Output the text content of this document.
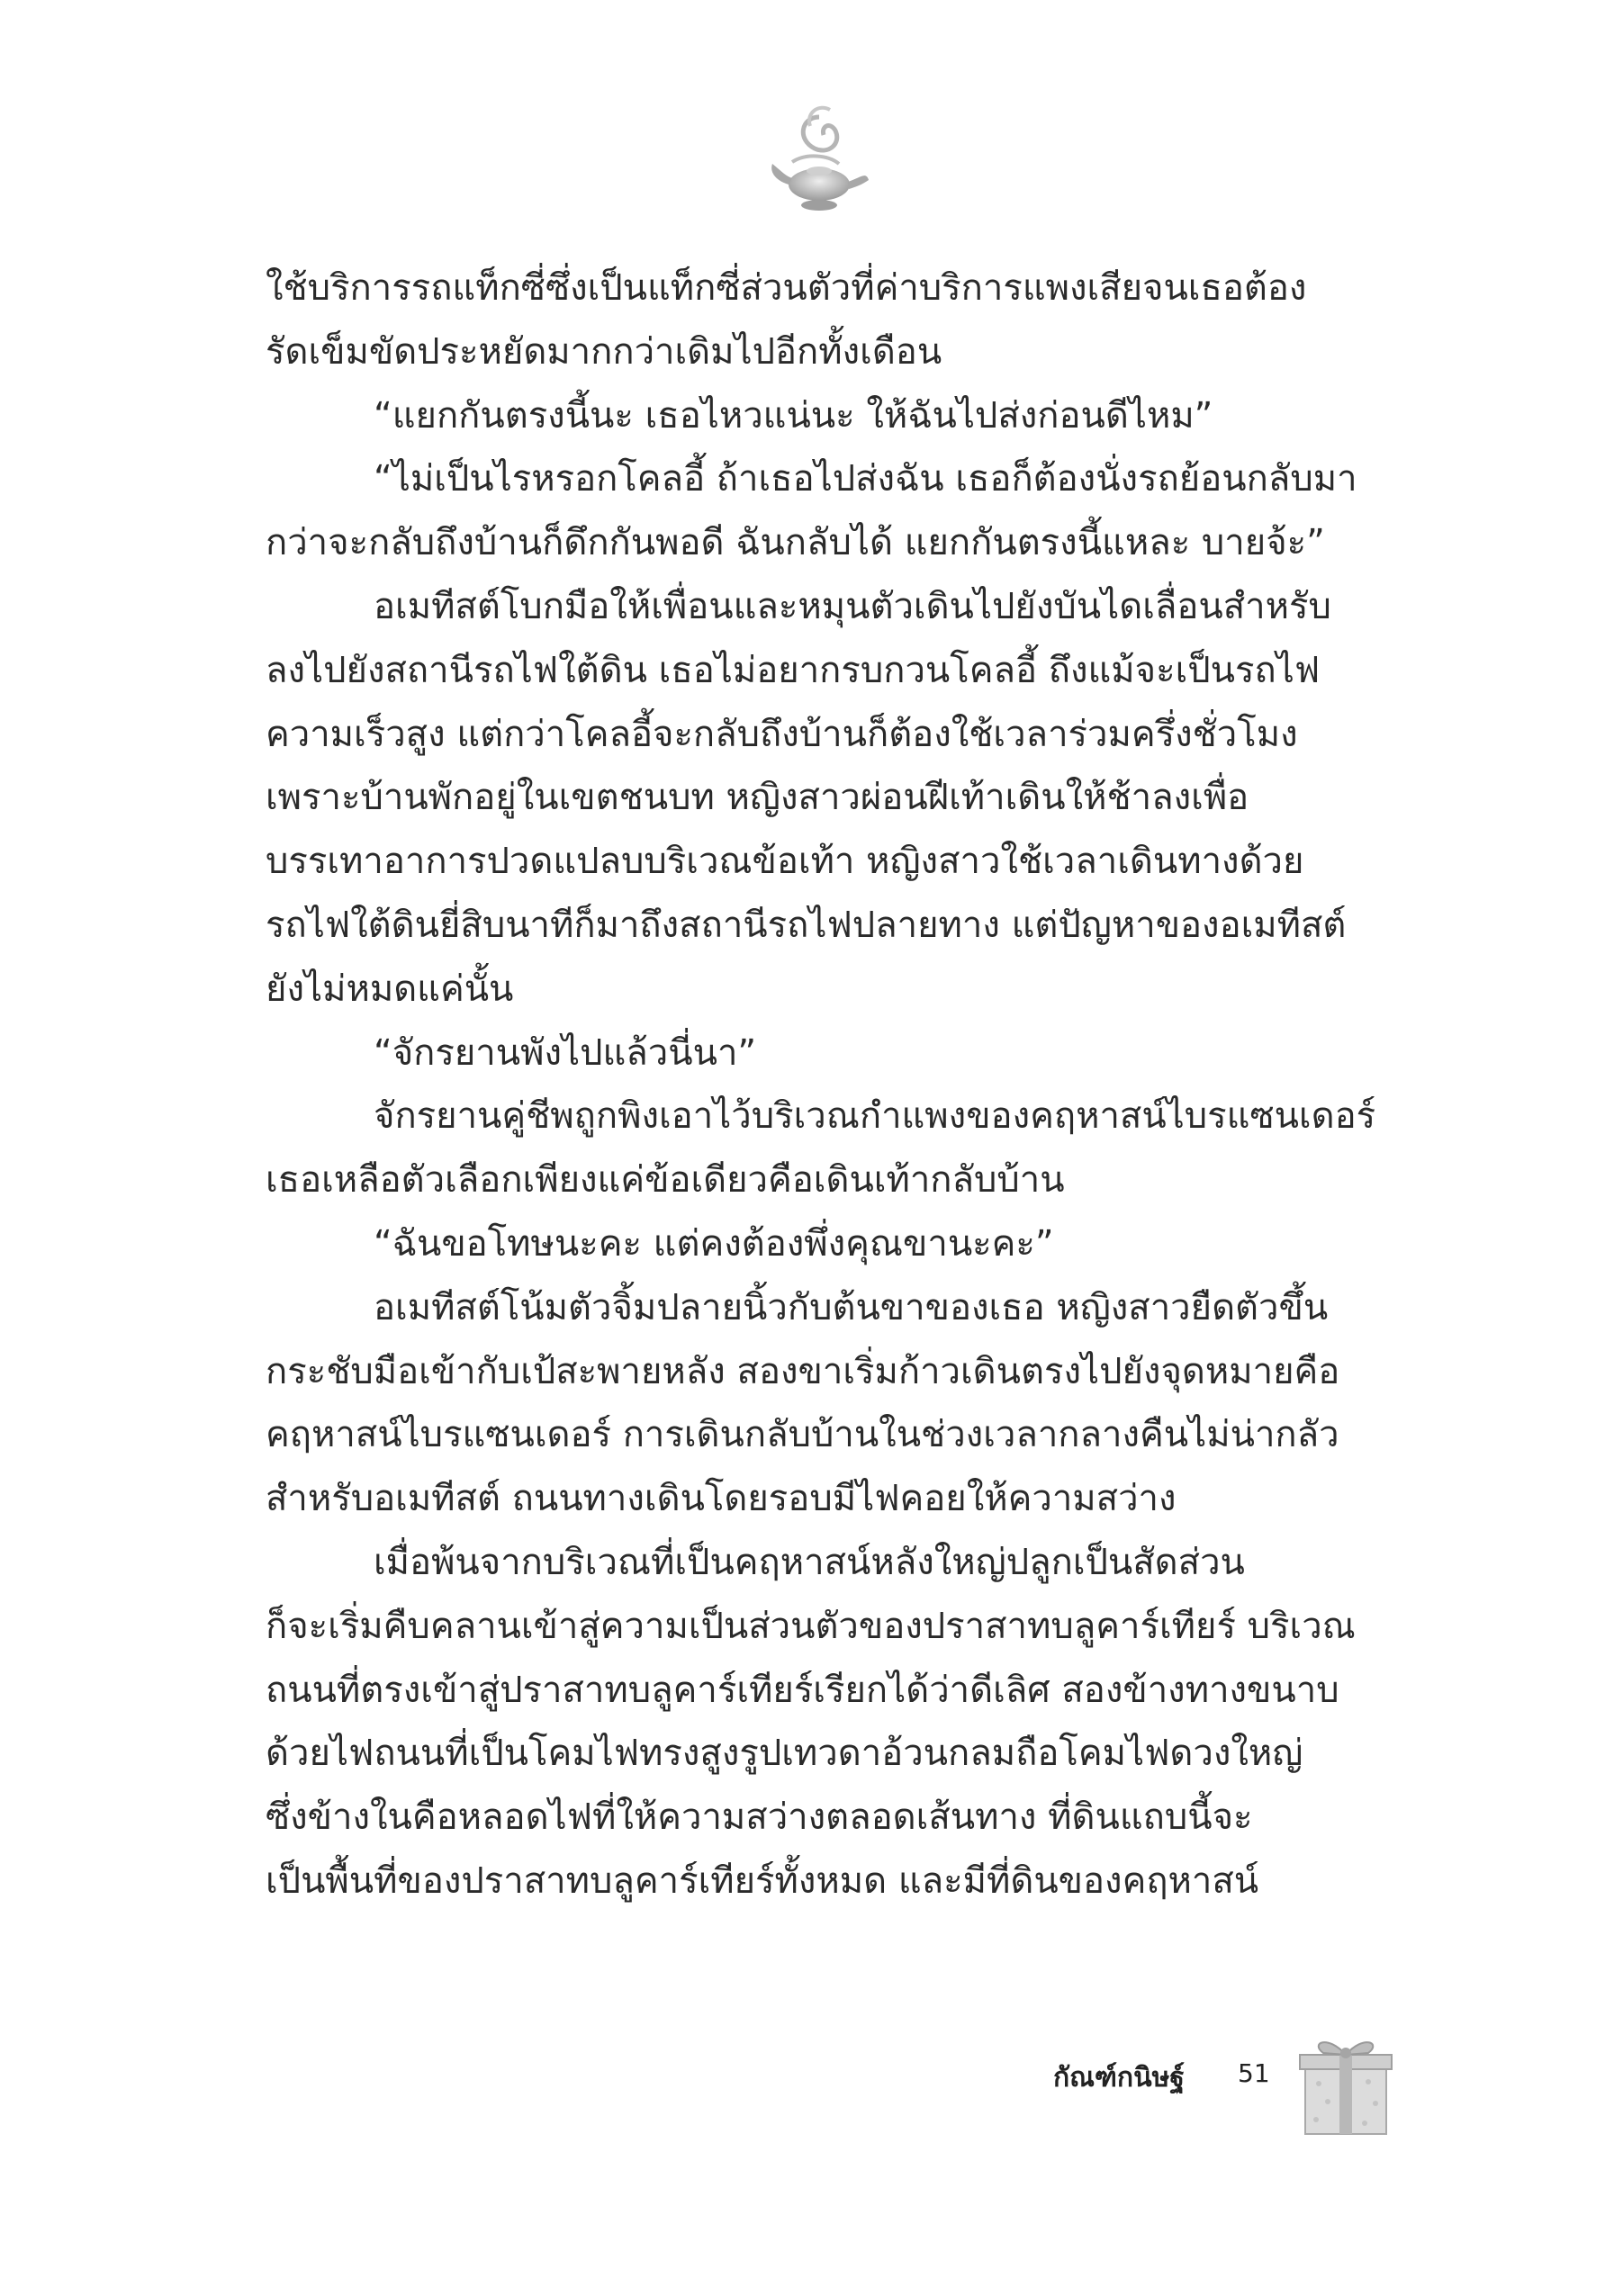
ใช้บริการรถแท็กซี่ซึ่งเป็นแท็กซี่ส่วนตัวที่ค่าบริการแพงเสียจนเธอต้อง
รัดเข็มขัดประหยัดมากกว่าเดิมไปอีกทั้งเดือน
“แยกกันตรงนี้นะ เธอไหวแน่นะ ให้ฉันไปส่งก่อนดีไหม”
“ไม่เป็นไรหรอกโคลอี้ ถ้าเธอไปส่งฉัน เธอก็ต้องนั่งรถย้อนกลับมา
กว่าจะกลับถึงบ้านก็ดึกกันพอดี ฉันกลับได้ แยกกันตรงนี้แหละ บายจ้ะ”
อเมทีสต์โบกมือให้เพื่อนและหมุนตัวเดินไปยังบันไดเลื่อนสำหรับ
ลงไปยังสถานีรถไฟใต้ดิน เธอไม่อยากรบกวนโคลอี้ ถึงแม้จะเป็นรถไฟ
ความเร็วสูง แต่กว่าโคลอี้จะกลับถึงบ้านก็ต้องใช้เวลาร่วมครึ่งชั่วโมง
เพราะบ้านพักอยู่ในเขตชนบท หญิงสาวผ่อนฝีเท้าเดินให้ช้าลงเพื่อ
บรรเทาอาการปวดแปลบบริเวณข้อเท้า หญิงสาวใช้เวลาเดินทางด้วย
รถไฟใต้ดินยี่สิบนาทีก็มาถึงสถานีรถไฟปลายทาง แต่ปัญหาของอเมทีสต์
ยังไม่หมดแค่นั้น
“จักรยานพังไปแล้วนี่นา”
จักรยานคู่ชีพถูกพิงเอาไว้บริเวณกำแพงของคฤหาสน์ไบรแซนเดอร์
เธอเหลือตัวเลือกเพียงแค่ข้อเดียวคือเดินเท้ากลับบ้าน
“ฉันขอโทษนะคะ แต่คงต้องพึ่งคุณขานะคะ”
อเมทีสต์โน้มตัวจิ้มปลายนิ้วกับต้นขาของเธอ หญิงสาวยืดตัวขึ้น
กระชับมือเข้ากับเป้สะพายหลัง สองขาเริ่มก้าวเดินตรงไปยังจุดหมายคือ
คฤหาสน์ไบรแซนเดอร์ การเดินกลับบ้านในช่วงเวลากลางคืนไม่น่ากลัว
สำหรับอเมทีสต์ ถนนทางเดินโดยรอบมีไฟคอยให้ความสว่าง
เมื่อพ้นจากบริเวณที่เป็นคฤหาสน์หลังใหญ่ปลูกเป็นสัดส่วน
ก็จะเริ่มคืบคลานเข้าสู่ความเป็นส่วนตัวของปราสาทบลูคาร์เทียร์ บริเวณ
ถนนที่ตรงเข้าสู่ปราสาทบลูคาร์เทียร์เรียกได้ว่าดีเลิศ สองข้างทางขนาบ
ด้วยไฟถนนที่เป็นโคมไฟทรงสูงรูปเทวดาอ้วนกลมถือโคมไฟดวงใหญ่
ซึ่งข้างในคือหลอดไฟที่ให้ความสว่างตลอดเส้นทาง ที่ดินแถบนี้จะ
เป็นพื้นที่ของปราสาทบลูคาร์เทียร์ทั้งหมด และมีที่ดินของคฤหาสน์
กัณฑ์กนิษฐ์ 51
